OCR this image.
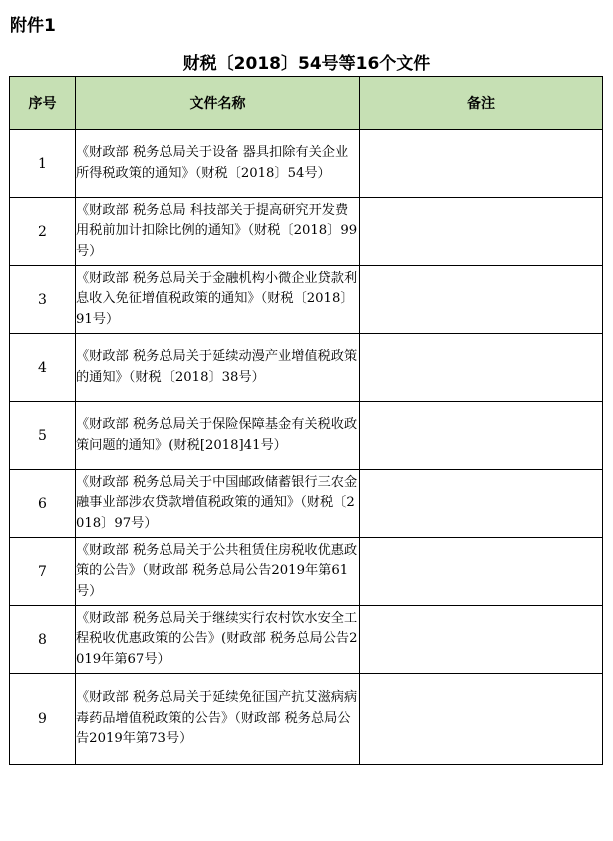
附件1
财税〔2018〕54号等16个文件
序号	文件名称	备注
1	《财政部 税务总局关于设备 器具扣除有关企业所得税政策的通知》（财税〔2018〕54号）	
2	《财政部 税务总局 科技部关于提高研究开发费用税前加计扣除比例的通知》（财税〔2018〕99号）	
3	《财政部 税务总局关于金融机构小微企业贷款利息收入免征增值税政策的通知》（财税〔2018〕91号）	
4	《财政部 税务总局关于延续动漫产业增值税政策的通知》（财税〔2018〕38号）	
5	《财政部 税务总局关于保险保障基金有关税收政策问题的通知》(财税[2018]41号）	
6	《财政部 税务总局关于中国邮政储蓄银行三农金融事业部涉农贷款增值税政策的通知》（财税〔2018〕97号）	
7	《财政部 税务总局关于公共租赁住房税收优惠政策的公告》（财政部 税务总局公告2019年第61号）	
8	《财政部 税务总局关于继续实行农村饮水安全工程税收优惠政策的公告》(财政部 税务总局公告2019年第67号）	
9	《财政部 税务总局关于延续免征国产抗艾滋病病毒药品增值税政策的公告》（财政部 税务总局公告2019年第73号）	
